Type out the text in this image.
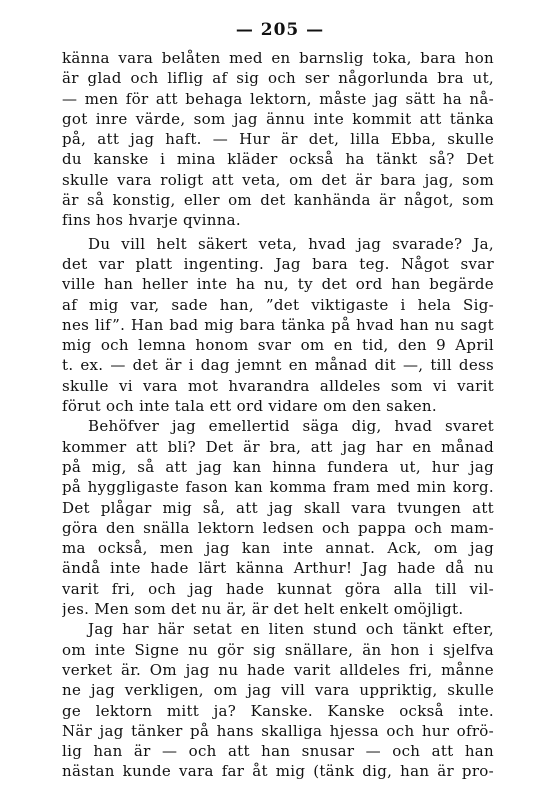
— 205 —
känna vara belåten med en barnslig toka, bara hon
är glad och liflig af sig och ser någorlunda bra ut,
— men för att behaga lektorn, måste jag sätt ha nå-
got inre värde, som jag ännu inte kommit att tänka
på, att jag haft. — Hur är det, lilla Ebba, skulle
du kanske i mina kläder också ha tänkt så? Det
skulle vara roligt att veta, om det är bara jag, som
är så konstig, eller om det kanhända är något, som
fins hos hvarje qvinna.
Du vill helt säkert veta, hvad jag svarade? Ja,
det var platt ingenting. Jag bara teg. Något svar
ville han heller inte ha nu, ty det ord han begärde
af mig var, sade han, ”det viktigaste i hela Sig-
nes lif”. Han bad mig bara tänka på hvad han nu sagt
mig och lemna honom svar om en tid, den 9 April
t. ex. — det är i dag jemnt en månad dit —, till dess
skulle vi vara mot hvarandra alldeles som vi varit
förut och inte tala ett ord vidare om den saken.
Behöfver jag emellertid säga dig, hvad svaret
kommer att bli? Det är bra, att jag har en månad
på mig, så att jag kan hinna fundera ut, hur jag
på hyggligaste fason kan komma fram med min korg.
Det plågar mig så, att jag skall vara tvungen att
göra den snälla lektorn ledsen och pappa och mam-
ma också, men jag kan inte annat. Ack, om jag
ändå inte hade lärt känna Arthur! Jag hade då nu
varit fri, och jag hade kunnat göra alla till vil-
jes. Men som det nu är, är det helt enkelt omöjligt.
Jag har här setat en liten stund och tänkt efter,
om inte Signe nu gör sig snällare, än hon i sjelfva
verket är. Om jag nu hade varit alldeles fri, månne
ne jag verkligen, om jag vill vara uppriktig, skulle
ge lektorn mitt ja? Kanske. Kanske också inte.
När jag tänker på hans skalliga hjessa och hur ofrö-
lig han är — och att han snusar — och att han
nästan kunde vara far åt mig (tänk dig, han är pro-
